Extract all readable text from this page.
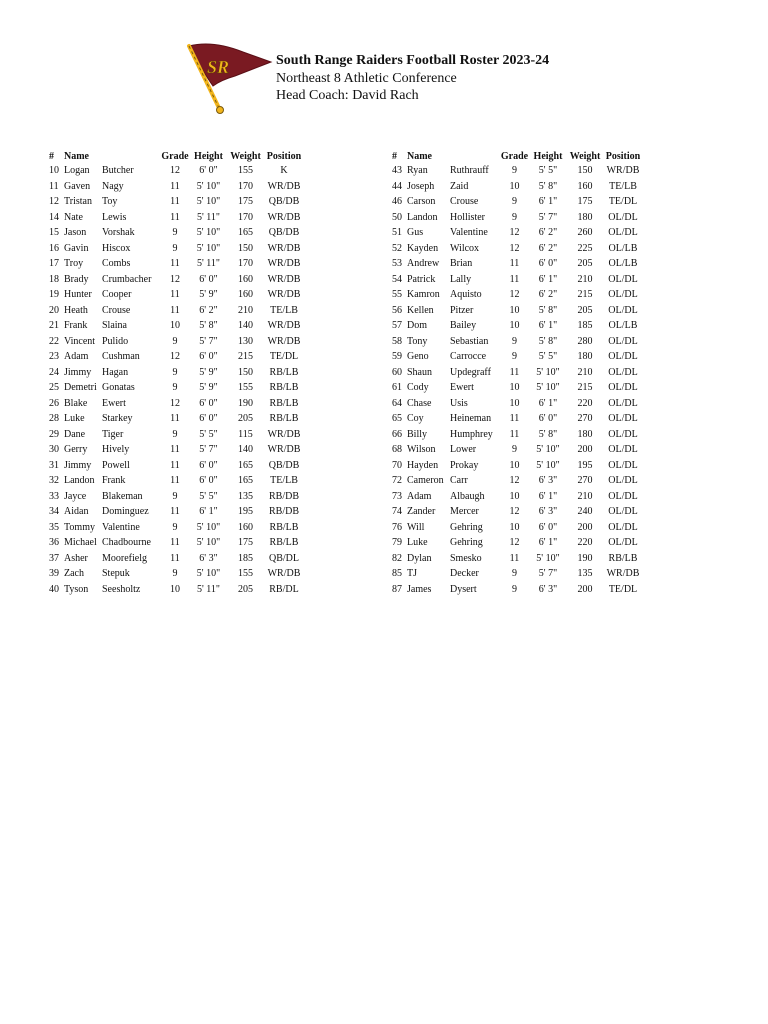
SR	South Range Raiders Football Roster 2023-24
Northeast 8 Athletic Conference
Head Coach: David Rach
#	Name		Grade	Height	Weight	Position
10	Logan	Butcher	12	6' 0"	155	K
11	Gaven	Nagy	11	5' 10"	170	WR/DB
12	Tristan	Toy	11	5' 10"	175	QB/DB
14	Nate	Lewis	11	5' 11"	170	WR/DB
15	Jason	Vorshak	9	5' 10"	165	QB/DB
16	Gavin	Hiscox	9	5' 10"	150	WR/DB
17	Troy	Combs	11	5' 11"	170	WR/DB
18	Brady	Crumbacher	12	6' 0"	160	WR/DB
19	Hunter	Cooper	11	5' 9"	160	WR/DB
20	Heath	Crouse	11	6' 2"	210	TE/LB
21	Frank	Slaina	10	5' 8"	140	WR/DB
22	Vincent	Pulido	9	5' 7"	130	WR/DB
23	Adam	Cushman	12	6' 0"	215	TE/DL
24	Jimmy	Hagan	9	5' 9"	150	RB/LB
25	Demetri	Gonatas	9	5' 9"	155	RB/LB
26	Blake	Ewert	12	6' 0"	190	RB/LB
28	Luke	Starkey	11	6' 0"	205	RB/LB
29	Dane	Tiger	9	5' 5"	115	WR/DB
30	Gerry	Hively	11	5' 7"	140	WR/DB
31	Jimmy	Powell	11	6' 0"	165	QB/DB
32	Landon	Frank	11	6' 0"	165	TE/LB
33	Jayce	Blakeman	9	5' 5"	135	RB/DB
34	Aidan	Dominguez	11	6' 1"	195	RB/DB
35	Tommy	Valentine	9	5' 10"	160	RB/LB
36	Michael	Chadbourne	11	5' 10"	175	RB/LB
37	Asher	Moorefielg	11	6' 3"	185	QB/DL
39	Zach	Stepuk	9	5' 10"	155	WR/DB
40	Tyson	Seesholtz	10	5' 11"	205	RB/DL
#	Name		Grade	Height	Weight	Position
43	Ryan	Ruthrauff	9	5' 5"	150	WR/DB
44	Joseph	Zaid	10	5' 8"	160	TE/LB
46	Carson	Crouse	9	6' 1"	175	TE/DL
50	Landon	Hollister	9	5' 7"	180	OL/DL
51	Gus	Valentine	12	6' 2"	260	OL/DL
52	Kayden	Wilcox	12	6' 2"	225	OL/LB
53	Andrew	Brian	11	6' 0"	205	OL/LB
54	Patrick	Lally	11	6' 1"	210	OL/DL
55	Kamron	Aquisto	12	6' 2"	215	OL/DL
56	Kellen	Pitzer	10	5' 8"	205	OL/DL
57	Dom	Bailey	10	6' 1"	185	OL/LB
58	Tony	Sebastian	9	5' 8"	280	OL/DL
59	Geno	Carrocce	9	5' 5"	180	OL/DL
60	Shaun	Updegraff	11	5' 10"	210	OL/DL
61	Cody	Ewert	10	5' 10"	215	OL/DL
64	Chase	Usis	10	6' 1"	220	OL/DL
65	Coy	Heineman	11	6' 0"	270	OL/DL
66	Billy	Humphrey	11	5' 8"	180	OL/DL
68	Wilson	Lower	9	5' 10"	200	OL/DL
70	Hayden	Prokay	10	5' 10"	195	OL/DL
72	Cameron	Carr	12	6' 3"	270	OL/DL
73	Adam	Albaugh	10	6' 1"	210	OL/DL
74	Zander	Mercer	12	6' 3"	240	OL/DL
76	Will	Gehring	10	6' 0"	200	OL/DL
79	Luke	Gehring	12	6' 1"	220	OL/DL
82	Dylan	Smesko	11	5' 10"	190	RB/LB
85	TJ	Decker	9	5' 7"	135	WR/DB
87	James	Dysert	9	6' 3"	200	TE/DL
